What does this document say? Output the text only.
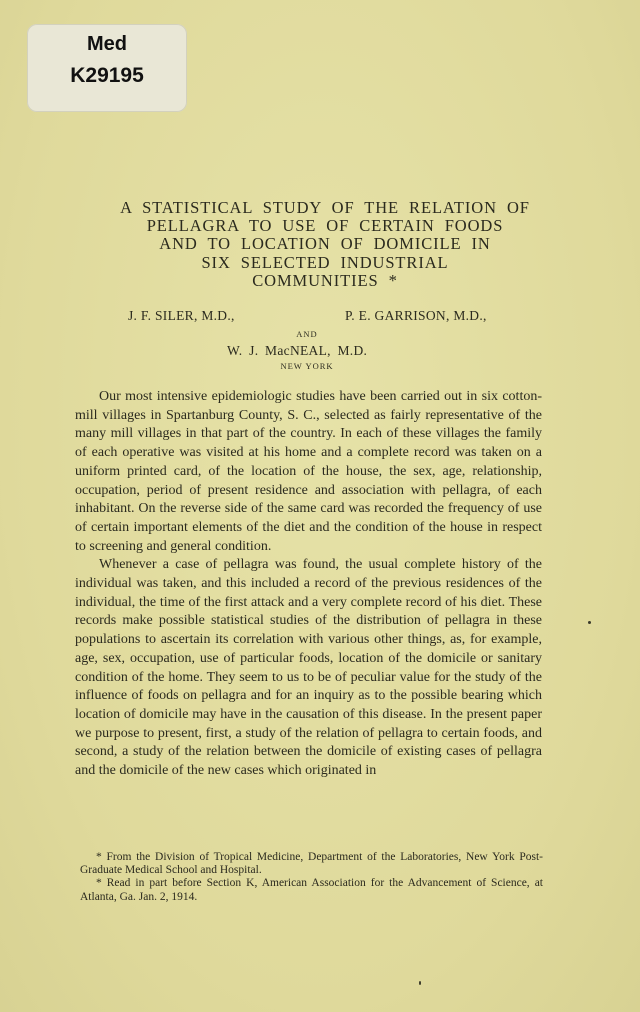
Med
K29195
A STATISTICAL STUDY OF THE RELATION OF
PELLAGRA TO USE OF CERTAIN FOODS
AND TO LOCATION OF DOMICILE IN
SIX SELECTED INDUSTRIAL
COMMUNITIES *
J. F. SILER, M.D.,	P. E. GARRISON, M.D.,
AND
W. J. MacNEAL, M.D.
NEW YORK

Our most intensive epidemiologic studies have been carried out in six cotton-mill villages in Spartanburg County, S. C., selected as fairly representative of the many mill villages in that part of the country. In each of these villages the family of each operative was visited at his home and a complete record was taken on a uniform printed card, of the location of the house, the sex, age, relationship, occupation, period of present residence and association with pellagra, of each inhabitant. On the reverse side of the same card was recorded the frequency of use of certain important elements of the diet and the condition of the house in respect to screening and general condition.

Whenever a case of pellagra was found, the usual complete history of the individual was taken, and this included a record of the previous residences of the individual, the time of the first attack and a very complete record of his diet. These records make possible statistical studies of the distribution of pellagra in these populations to ascertain its correlation with various other things, as, for example, age, sex, occupation, use of particular foods, location of the domicile or sanitary condition of the home. They seem to us to be of peculiar value for the study of the influence of foods on pellagra and for an inquiry as to the possible bearing which location of domicile may have in the causation of this disease. In the present paper we purpose to present, first, a study of the relation of pellagra to certain foods, and second, a study of the relation between the domicile of existing cases of pellagra and the domicile of the new cases which originated in

* From the Division of Tropical Medicine, Department of the Laboratories, New York Post-Graduate Medical School and Hospital.

* Read in part before Section K, American Association for the Advancement of Science, at Atlanta, Ga. Jan. 2, 1914.
